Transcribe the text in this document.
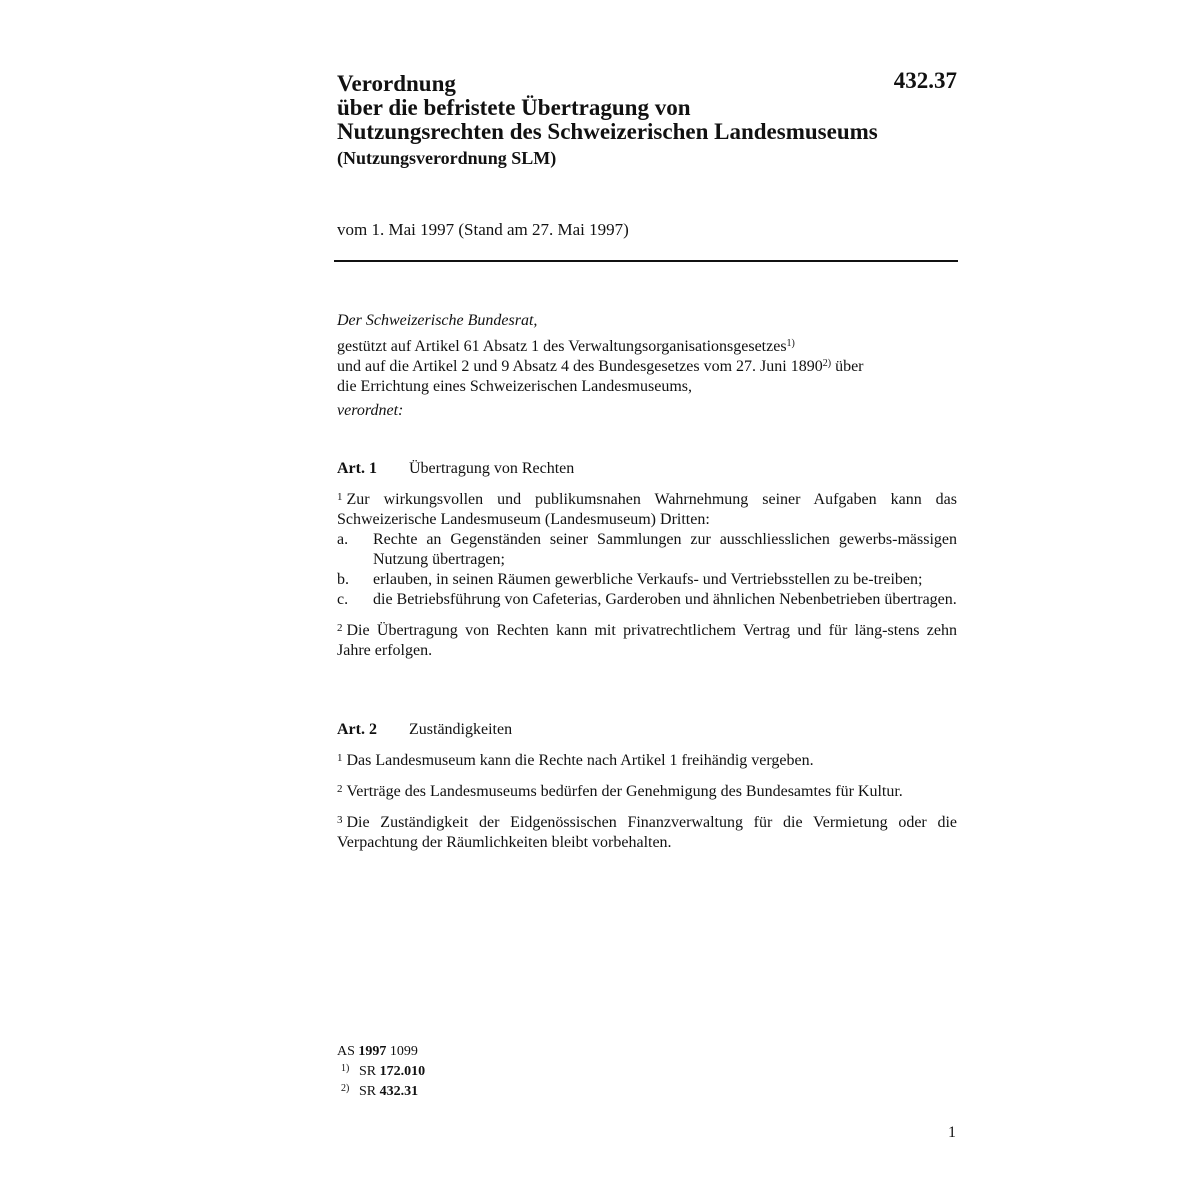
432.37
Verordnung
über die befristete Übertragung von
Nutzungsrechten des Schweizerischen Landesmuseums
(Nutzungsverordnung SLM)
vom 1. Mai 1997 (Stand am 27. Mai 1997)
Der Schweizerische Bundesrat,
gestützt auf Artikel 61 Absatz 1 des Verwaltungsorganisationsgesetzes$^{1)}$
und auf die Artikel 2 und 9 Absatz 4 des Bundesgesetzes vom 27. Juni 1890$^{2)}$ über
die Errichtung eines Schweizerischen Landesmuseums,
verordnet:
Art. 1 Übertragung von Rechten
$^1$ Zur wirkungsvollen und publikumsnahen Wahrnehmung seiner Aufgaben kann das Schweizerische Landesmuseum (Landesmuseum) Dritten:
a.	Rechte an Gegenständen seiner Sammlungen zur ausschliesslichen gewerbs-mässigen Nutzung übertragen;
b.	erlauben, in seinen Räumen gewerbliche Verkaufs- und Vertriebsstellen zu be-treiben;
c.	die Betriebsführung von Cafeterias, Garderoben und ähnlichen Nebenbetrieben übertragen.
$^2$ Die Übertragung von Rechten kann mit privatrechtlichem Vertrag und für läng-stens zehn Jahre erfolgen.
Art. 2 Zuständigkeiten
$^1$ Das Landesmuseum kann die Rechte nach Artikel 1 freihändig vergeben.
$^2$ Verträge des Landesmuseums bedürfen der Genehmigung des Bundesamtes für Kultur.
$^3$ Die Zuständigkeit der Eidgenössischen Finanzverwaltung für die Vermietung oder die Verpachtung der Räumlichkeiten bleibt vorbehalten.
AS 1997 1099
1) SR 172.010
2) SR 432.31
1
